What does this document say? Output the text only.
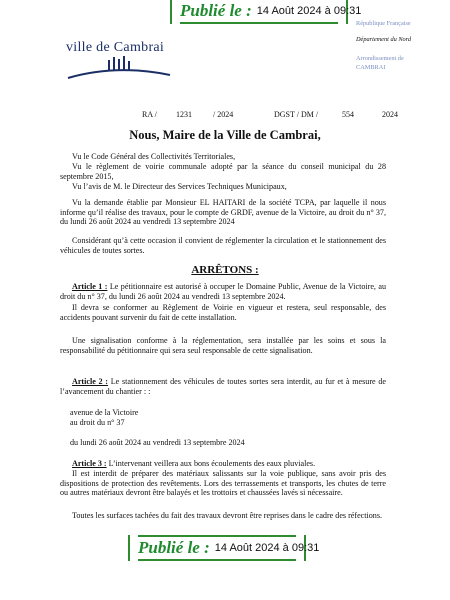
Publié le : 14 Août 2024 à 09:31
ville de Cambrai
République Française
Département du Nord
Arrondissement de
CAMBRAI
RA / 1231	/ 2024	DGST / DM /	554	2024
Nous, Maire de la Ville de Cambrai,
Vu le Code Général des Collectivités Territoriales,
Vu le règlement de voirie communale adopté par la séance du conseil municipal du 28 septembre 2015,
Vu l’avis de M. le Directeur des Services Techniques Municipaux,
Vu la demande établie par Monsieur EL HAITARI de la société TCPA, par laquelle il nous informe qu’il réalise des travaux, pour le compte de GRDF, avenue de la Victoire, au droit du n° 37, du lundi 26 août 2024 au vendredi 13 septembre 2024
Considérant qu’à cette occasion il convient de réglementer la circulation et le stationnement des véhicules de toutes sortes.
ARRÊTONS :
Article 1 : Le pétitionnaire est autorisé à occuper le Domaine Public, Avenue de la Victoire, au droit du n° 37, du lundi 26 août 2024 au vendredi 13 septembre 2024.
Il devra se conformer au Règlement de Voirie en vigueur et restera, seul responsable, des accidents pouvant survenir du fait de cette installation.
Une signalisation conforme à la réglementation, sera installée par les soins et sous la responsabilité du pétitionnaire qui sera seul responsable de cette signalisation.
Article 2 : Le stationnement des véhicules de toutes sortes sera interdit, au fur et à mesure de l’avancement du chantier : :
avenue de la Victoire
au droit du n° 37
du lundi 26 août 2024 au vendredi 13 septembre 2024
Article 3 : L’intervenant veillera aux bons écoulements des eaux pluviales.
Il est interdit de préparer des matériaux salissants sur la voie publique, sans avoir pris des dispositions de protection des revêtements. Lors des terrassements et transports, les chutes de terre ou autres matériaux devront être balayés et les trottoirs et chaussées lavés si nécessaire.
Toutes les surfaces tachées du fait des travaux devront être reprises dans le cadre des réfections.
Publié le : 14 Août 2024 à 09:31
